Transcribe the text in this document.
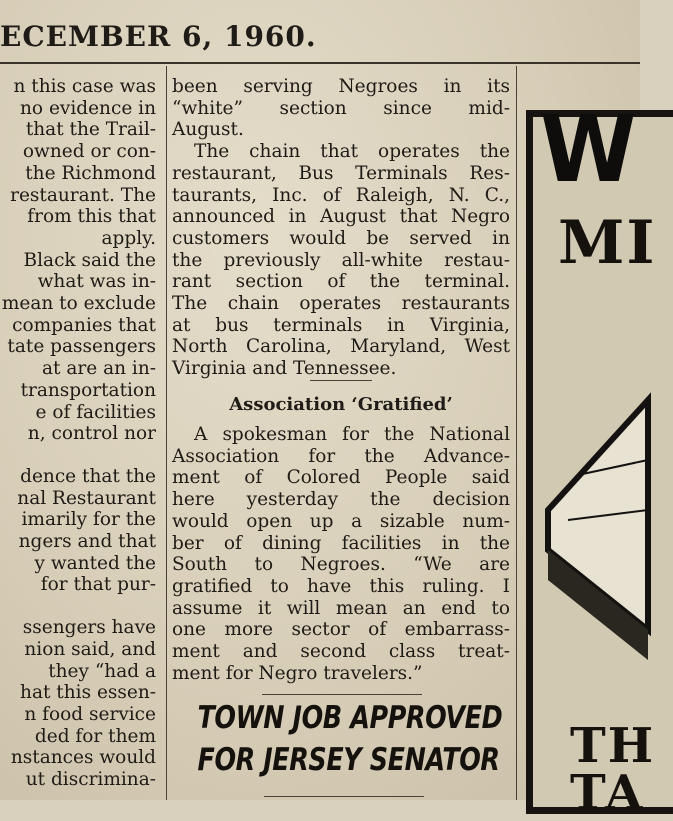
ECEMBER 6, 1960.

n this case was

no evidence in

that the Trail-

owned or con-

the Richmond

restaurant. The

from this that

apply.

Black said the

what was in-

mean to exclude

companies that

tate passengers

at are an in-

transportation

e of facilities

n, control nor

dence that the

nal Restaurant

imarily for the

ngers and that

y wanted the

for that pur-

ssengers have

nion said, and

they “had a

hat this essen-

n food service

ded for them

nstances would

ut discrimina-

been serving Negroes in its

“white” section since mid-

August.

The chain that operates the

restaurant, Bus Terminals Res-

taurants, Inc. of Raleigh, N. C.,

announced in August that Negro

customers would be served in

the previously all-white restau-

rant section of the terminal.

The chain operates restaurants

at bus terminals in Virginia,

North Carolina, Maryland, West

Virginia and Tennessee.

Association ‘Gratified’

A spokesman for the National

Association for the Advance-

ment of Colored People said

here yesterday the decision

would open up a sizable num-

ber of dining facilities in the

South to Negroes. “We are

gratified to have this ruling. I

assume it will mean an end to

one more sector of embarrass-

ment and second class treat-

ment for Negro travelers.”

TOWN JOB APPROVED
FOR JERSEY SENATOR
W
MI
TH
TA
